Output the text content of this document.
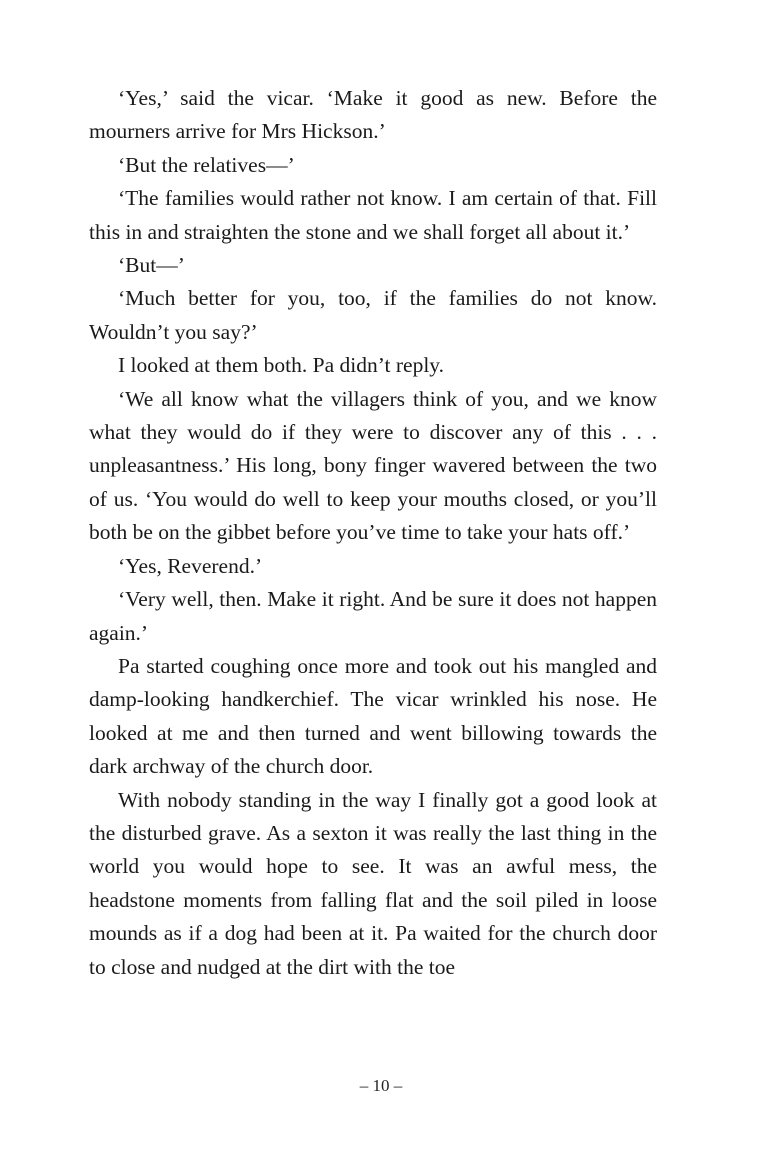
‘Yes,’ said the vicar. ‘Make it good as new. Before the mourners arrive for Mrs Hickson.’

‘But the relatives—’

‘The families would rather not know. I am certain of that. Fill this in and straighten the stone and we shall forget all about it.’

‘But—’

‘Much better for you, too, if the families do not know. Wouldn’t you say?’

I looked at them both. Pa didn’t reply.

‘We all know what the villagers think of you, and we know what they would do if they were to discover any of this . . . unpleasantness.’ His long, bony finger wavered between the two of us. ‘You would do well to keep your mouths closed, or you’ll both be on the gibbet before you’ve time to take your hats off.’

‘Yes, Reverend.’

‘Very well, then. Make it right. And be sure it does not happen again.’

Pa started coughing once more and took out his mangled and damp-looking handkerchief. The vicar wrinkled his nose. He looked at me and then turned and went billowing towards the dark archway of the church door.

With nobody standing in the way I finally got a good look at the disturbed grave. As a sexton it was really the last thing in the world you would hope to see. It was an awful mess, the headstone moments from falling flat and the soil piled in loose mounds as if a dog had been at it. Pa waited for the church door to close and nudged at the dirt with the toe

– 10 –
